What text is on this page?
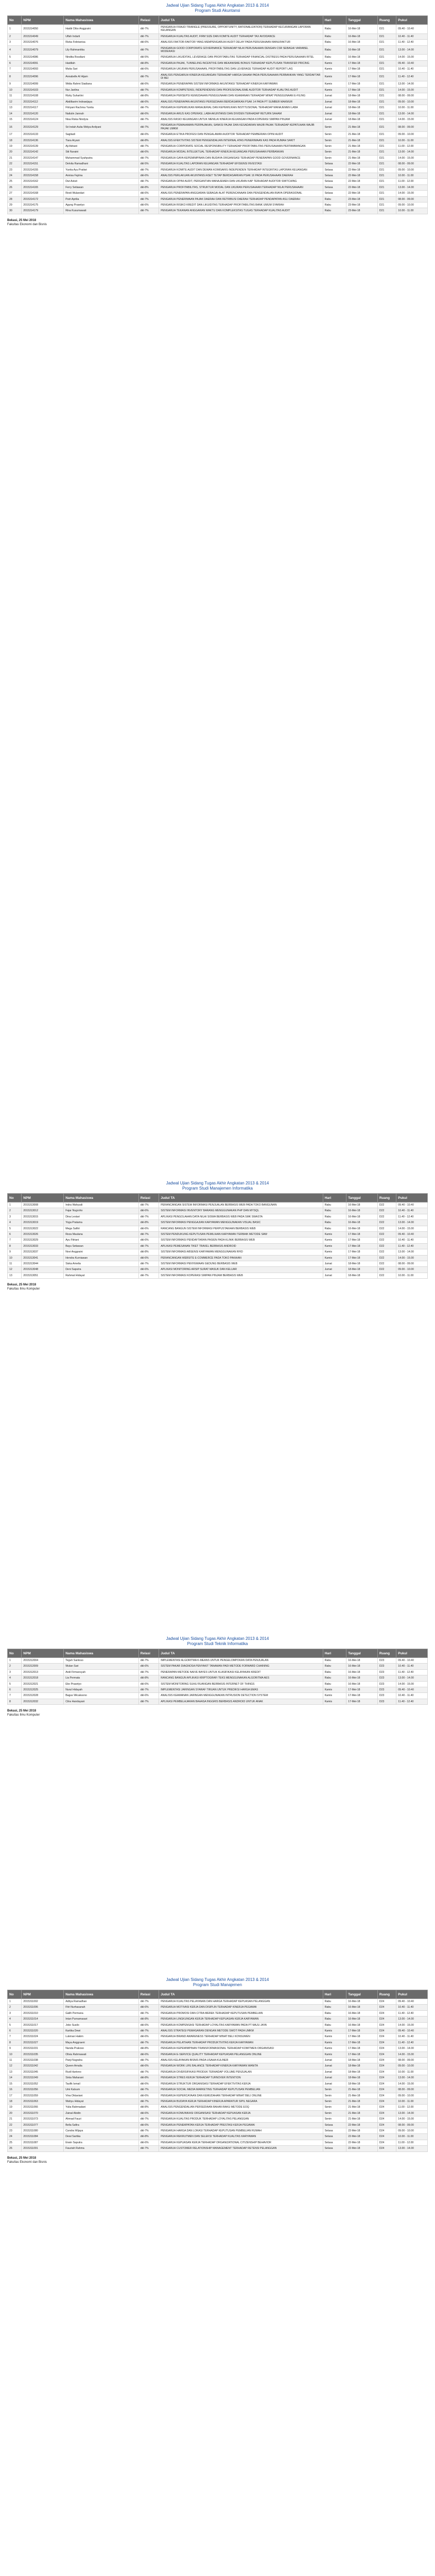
Jadwal Ujian Sidang Tugas Akhir Angkatan 2013 & 2014
Program Studi Akuntansi
No	NPM	Nama Mahasiswa	Relasi	Judul TA	Hari	Tanggal	Ruang	Pukul
1	2015314050	Haidir Dibo Anggraini	dkl-7%	PENGARUH FRAUD TRIANGLE (PRESSURE, OPPORTUNITY, RATIONALIZATION) TERHADAP KECURANGAN LAPORAN KEUANGAN	Rabu	16-Mei-18	D21	09.40 - 10.40
2	2015314049	Ulfah Indarti	dkl-7%	PENGARUH KUALITAS AUDIT, FIRM SIZE DAN KOMITE AUDIT TERHADAP TAX AVOIDANCE	Rabu	16-Mei-18	D21	10.40 - 11.40
3	2015314076	Rizka Febrianisa	dkl-6%	ANALISIS FAKTOR-FAKTOR YANG MEMPENGARUHI AUDIT DELAY PADA PERUSAHAAN MANUFAKTUR	Rabu	16-Mei-18	D21	11.40 - 12.40
4	2015314079	Lily Rahmantika	dkl-7%	PENGARUH GOOD CORPORATE GOVERNANCE TERHADAP NILAI PERUSAHAAN DENGAN CSR SEBAGAI VARIABEL MODERASI	Rabu	16-Mei-18	D21	13.00 - 14.00
5	2015314086	Nindita Rosdiani	dkl-5%	PENGARUH LIKUIDITAS, LEVERAGE DAN PROFITABILITAS TERHADAP FINANCIAL DISTRESS PADA PERUSAHAAN RITEL	Rabu	16-Mei-18	D21	14.00 - 15.00
6	2015314091	Haidilah	dkl-8%	PENGARUH PAJAK, TUNNELING INCENTIVE DAN MEKANISME BONUS TERHADAP KEPUTUSAN TRANSFER PRICING	Kamis	17-Mei-18	D21	09.40 - 10.40
7	2015314093	Mutia Sari	dkl-6%	PENGARUH UKURAN PERUSAHAAN, PROFITABILITAS DAN LEVERAGE TERHADAP AUDIT REPORT LAG	Kamis	17-Mei-18	D21	10.40 - 11.40
8	2015314096	Annabelle Al Hijam	dkl-7%	ANALISIS PENGARUH KINERJA KEUANGAN TERHADAP HARGA SAHAM PADA PERUSAHAAN PERBANKAN YANG TERDAFTAR DI BEI	Kamis	17-Mei-18	D21	11.40 - 12.40
9	2015314099	Widia Rahmi Siadiana	dkl-6%	PENGARUH PENERAPAN SISTEM INFORMASI AKUNTANSI TERHADAP KINERJA KARYAWAN	Kamis	17-Mei-18	D21	13.00 - 14.00
10	2015314103	Nur Janlina	dkl-7%	PENGARUH KOMPETENSI, INDEPENDENSI DAN PROFESIONALISME AUDITOR TERHADAP KUALITAS AUDIT	Kamis	17-Mei-18	D21	14.00 - 15.00
11	2015314108	Rizky Suhartini	dkl-8%	PENGARUH PERSEPSI KEMUDAHAN PENGGUNAAN DAN KEAMANAN TERHADAP MINAT PENGGUNAAN E-FILING	Jumat	18-Mei-18	D21	08.00 - 09.00
12	2015314112	Abdilkarim Indrawijaya	dkl-6%	ANALISIS PENERAPAN AKUNTANSI PERSEDIAAN BERDASARKAN PSAK 14 PADA PT SUMBER MAKMUR	Jumat	18-Mei-18	D21	09.00 - 10.00
13	2015314117	Fitriyani Rachma Yunita	dkl-7%	PENGARUH KEPEMILIKAN MANAJERIAL DAN KEPEMILIKAN INSTITUSIONAL TERHADAP MANAJEMEN LABA	Jumat	18-Mei-18	D21	10.00 - 11.00
14	2015314120	Nailutin Jannah	dkl-6%	PENGARUH ARUS KAS OPERASI, LABA AKUNTANSI DAN DIVIDEN TERHADAP RETURN SAHAM	Jumat	18-Mei-18	D21	13.00 - 14.00
15	2015314124	Nisa Riska Nindyra	dkl-7%	ANALISIS RASIO KEUANGAN UNTUK MENILAI KINERJA KEUANGAN PADA KOPERASI SIMPAN PINJAM	Jumat	18-Mei-18	D21	14.00 - 15.00
16	2015314129	Sri Indah Aulia Widya Ardiyani	dkl-7%	PENGARUH PEMAHAMAN PERPAJAKAN, SANKSI PAJAK DAN KESADARAN WAJIB PAJAK TERHADAP KEPATUHAN WAJIB PAJAK UMKM	Senin	21-Mei-18	D21	08.00 - 09.00
17	2015314133	Sagitadi	dkl-6%	PENGARUH ETIKA PROFESI DAN PENGALAMAN AUDITOR TERHADAP PEMBERIAN OPINI AUDIT	Senin	21-Mei-18	D21	09.00 - 10.00
18	2015314136	Tiara Aryani	dkl-8%	ANALISIS EFEKTIVITAS SISTEM PENGENDALIAN INTERNAL ATAS PENERIMAAN KAS PADA RUMAH SAKIT	Senin	21-Mei-18	D21	10.00 - 11.00
19	2015314139	Aji Adnani	dkl-7%	PENGARUH CORPORATE SOCIAL RESPONSIBILITY TERHADAP PROFITABILITAS PERUSAHAAN PERTAMBANGAN	Senin	21-Mei-18	D21	11.00 - 12.00
20	2015314142	Siti Nuraini	dkl-6%	PENGARUH MODAL INTELEKTUAL TERHADAP KINERJA KEUANGAN PERUSAHAAN PERBANKAN	Senin	21-Mei-18	D21	13.00 - 14.00
21	2015314147	Muhammad Syahputra	dkl-7%	PENGARUH GAYA KEPEMIMPINAN DAN BUDAYA ORGANISASI TERHADAP PENERAPAN GOOD GOVERNANCE	Senin	21-Mei-18	D21	14.00 - 15.00
22	2015314151	Delvita Ramadhani	dkl-5%	PENGARUH KUALITAS LAPORAN KEUANGAN TERHADAP EFISIENSI INVESTASI	Selasa	22-Mei-18	D21	08.00 - 09.00
23	2015314155	Yunita Ayu Pratiwi	dkl-7%	PENGARUH KOMITE AUDIT DAN DEWAN KOMISARIS INDEPENDEN TERHADAP INTEGRITAS LAPORAN KEUANGAN	Selasa	22-Mei-18	D21	09.00 - 10.00
24	2015314158	Annisa Fajrina	dkl-6%	ANALISIS PERLAKUAN AKUNTANSI ASET TETAP BERDASARKAN PSAK 16 PADA PERUSAHAAN DAERAH	Selasa	22-Mei-18	D21	10.00 - 11.00
25	2015314162	Dwi Astuti	dkl-7%	PENGARUH OPINI AUDIT, PERGANTIAN MANAJEMEN DAN UKURAN KAP TERHADAP AUDITOR SWITCHING	Selasa	22-Mei-18	D21	11.00 - 12.00
26	2015314165	Ferry Setiawan	dkl-8%	PENGARUH PROFITABILITAS, STRUKTUR MODAL DAN UKURAN PERUSAHAAN TERHADAP NILAI PERUSAHAAN	Selasa	22-Mei-18	D21	13.00 - 14.00
27	2015314168	Resti Wulandari	dkl-6%	ANALISIS PENERAPAN ANGGARAN SEBAGAI ALAT PERENCANAAN DAN PENGENDALIAN BIAYA OPERASIONAL	Selasa	22-Mei-18	D21	14.00 - 15.00
28	2015314172	Putri Aprilia	dkl-7%	PENGARUH PENERIMAAN PAJAK DAERAH DAN RETRIBUSI DAERAH TERHADAP PENDAPATAN ASLI DAERAH	Rabu	23-Mei-18	D21	08.00 - 09.00
29	2015314175	Agung Prasetyo	dkl-6%	PENGARUH RISIKO KREDIT DAN LIKUIDITAS TERHADAP PROFITABILITAS BANK UMUM SYARIAH	Rabu	23-Mei-18	D21	09.00 - 10.00
30	2015314179	Rina Kusumawati	dkl-7%	PENGARUH TEKANAN ANGGARAN WAKTU DAN KOMPLEKSITAS TUGAS TERHADAP KUALITAS AUDIT	Rabu	23-Mei-18	D21	10.00 - 11.00
Bekasi, 25 Mei 2018
Fakultas Ekonomi dan Bisnis
Jadwal Ujian Sidang Tugas Akhir Angkatan 2013 & 2014
Program Studi Manajemen Informatika
No	NPM	Nama Mahasiswa	Relasi	Judul TA	Hari	Tanggal	Ruang	Pukul
1	2015313008	Indra Wahyudi	dkl-7%	PERANCANGAN SISTEM INFORMASI PENJUALAN BERBASIS WEB PADA TOKO BANGUNAN	Rabu	16-Mei-18	D22	09.40 - 10.40
2	2015313012	Fajar Nugroho	dkl-6%	SISTEM INFORMASI INVENTORY BARANG MENGGUNAKAN PHP DAN MYSQL	Rabu	16-Mei-18	D22	10.40 - 11.40
3	2015313015	Dina Lestari	dkl-7%	APLIKASI PENGOLAHAN DATA NILAI SISWA BERBASIS WEB PADA SMK SWASTA	Rabu	16-Mei-18	D22	11.40 - 12.40
4	2015313019	Yoga Pratama	dkl-8%	SISTEM INFORMASI PENGGAJIAN KARYAWAN MENGGUNAKAN VISUAL BASIC	Rabu	16-Mei-18	D22	13.00 - 14.00
5	2015313022	Mega Safitri	dkl-6%	RANCANG BANGUN SISTEM INFORMASI PERPUSTAKAAN BERBASIS WEB	Rabu	16-Mei-18	D22	14.00 - 15.00
6	2015313026	Reza Maulana	dkl-7%	SISTEM PENDUKUNG KEPUTUSAN PEMILIHAN KARYAWAN TERBAIK METODE SAW	Kamis	17-Mei-18	D22	09.40 - 10.40
7	2015313029	Ayu Fitriani	dkl-6%	SISTEM INFORMASI PENDAFTARAN PASIEN PADA KLINIK BERBASIS WEB	Kamis	17-Mei-18	D22	10.40 - 11.40
8	2015313033	Bayu Setiawan	dkl-7%	APLIKASI PEMESANAN TIKET TRAVEL BERBASIS ANDROID	Kamis	17-Mei-18	D22	11.40 - 12.40
9	2015313037	Novi Anggraini	dkl-8%	SISTEM INFORMASI ABSENSI KARYAWAN MENGGUNAKAN RFID	Kamis	17-Mei-18	D22	13.00 - 14.00
10	2015313041	Hendra Kurniawan	dkl-6%	PERANCANGAN WEBSITE E-COMMERCE PADA TOKO PAKAIAN	Kamis	17-Mei-18	D22	14.00 - 15.00
11	2015313044	Siska Amelia	dkl-7%	SISTEM INFORMASI PENYEWAAN GEDUNG BERBASIS WEB	Jumat	18-Mei-18	D22	08.00 - 09.00
12	2015313048	Deni Saputra	dkl-6%	APLIKASI MONITORING ARSIP SURAT MASUK DAN KELUAR	Jumat	18-Mei-18	D22	09.00 - 10.00
13	2015313051	Rahmat Hidayat	dkl-7%	SISTEM INFORMASI KOPERASI SIMPAN PINJAM BERBASIS WEB	Jumat	18-Mei-18	D22	10.00 - 11.00
Bekasi, 25 Mei 2018
Fakultas Ilmu Komputer
Jadwal Ujian Sidang Tugas Akhir Angkatan 2013 & 2014
Program Studi Teknik Informatika
No	NPM	Nama Mahasiswa	Relasi	Judul TA	Hari	Tanggal	Ruang	Pukul
1	2015312004	Teguh Santoso	dkl-7%	IMPLEMENTASI ALGORITMA K-MEANS UNTUK PENGELOMPOKAN DATA PENJUALAN	Rabu	16-Mei-18	D23	09.40 - 10.40
2	2015312009	Wulan Sari	dkl-6%	SISTEM PAKAR DIAGNOSA PENYAKIT TANAMAN PADI METODE FORWARD CHAINING	Rabu	16-Mei-18	D23	10.40 - 11.40
3	2015312013	Andi Firmansyah	dkl-7%	PENERAPAN METODE NAIVE BAYES UNTUK KLASIFIKASI KELAYAKAN KREDIT	Rabu	16-Mei-18	D23	11.40 - 12.40
4	2015312018	Lia Permata	dkl-8%	RANCANG BANGUN APLIKASI KRIPTOGRAFI TEKS MENGGUNAKAN ALGORITMA AES	Rabu	16-Mei-18	D23	13.00 - 14.00
5	2015312021	Eko Prasetyo	dkl-6%	SISTEM MONITORING SUHU RUANGAN BERBASIS INTERNET OF THINGS	Rabu	16-Mei-18	D23	14.00 - 15.00
6	2015312025	Nurul Hidayah	dkl-7%	IMPLEMENTASI JARINGAN SYARAF TIRUAN UNTUK PREDIKSI HARGA EMAS	Kamis	17-Mei-18	D23	09.40 - 10.40
7	2015312028	Bagus Wicaksono	dkl-6%	ANALISIS KEAMANAN JARINGAN MENGGUNAKAN INTRUSION DETECTION SYSTEM	Kamis	17-Mei-18	D23	10.40 - 11.40
8	2015312032	Citra Handayani	dkl-7%	APLIKASI PEMBELAJARAN BAHASA INGGRIS BERBASIS ANDROID UNTUK ANAK	Kamis	17-Mei-18	D23	11.40 - 12.40
Bekasi, 25 Mei 2018
Fakultas Ilmu Komputer
Jadwal Ujian Sidang Tugas Akhir Angkatan 2013 & 2014
Program Studi Manajemen
No	NPM	Nama Mahasiswa	Relasi	Judul TA	Hari	Tanggal	Ruang	Pukul
1	2015311002	Aditya Ramadhan	dkl-7%	PENGARUH KUALITAS PELAYANAN DAN HARGA TERHADAP KEPUASAN PELANGGAN	Rabu	16-Mei-18	D24	09.40 - 10.40
2	2015311006	Fitri Nurhasanah	dkl-6%	PENGARUH MOTIVASI KERJA DAN DISIPLIN TERHADAP KINERJA PEGAWAI	Rabu	16-Mei-18	D24	10.40 - 11.40
3	2015311010	Galih Permana	dkl-7%	PENGARUH PROMOSI DAN CITRA MEREK TERHADAP KEPUTUSAN PEMBELIAN	Rabu	16-Mei-18	D24	11.40 - 12.40
4	2015311014	Intan Purnamasari	dkl-8%	PENGARUH LINGKUNGAN KERJA TERHADAP KEPUASAN KERJA KARYAWAN	Rabu	16-Mei-18	D24	13.00 - 14.00
5	2015311017	Joko Susilo	dkl-6%	PENGARUH KOMPENSASI TERHADAP LOYALITAS KARYAWAN PADA PT MAJU JAYA	Rabu	16-Mei-18	D24	14.00 - 15.00
6	2015311020	Kartika Dewi	dkl-7%	ANALISIS STRATEGI PEMASARAN DENGAN METODE SWOT PADA UMKM	Kamis	17-Mei-18	D24	09.40 - 10.40
7	2015311024	Lukman Hakim	dkl-6%	PENGARUH BRAND AWARENESS TERHADAP MINAT BELI KONSUMEN	Kamis	17-Mei-18	D24	10.40 - 11.40
8	2015311027	Maya Anggraeni	dkl-7%	PENGARUH PELATIHAN TERHADAP PRODUKTIVITAS KERJA KARYAWAN	Kamis	17-Mei-18	D24	11.40 - 12.40
9	2015311031	Nanda Prakoso	dkl-8%	PENGARUH KEPEMIMPINAN TRANSFORMASIONAL TERHADAP KOMITMEN ORGANISASI	Kamis	17-Mei-18	D24	13.00 - 14.00
10	2015311035	Olivia Rahmawati	dkl-6%	PENGARUH E-SERVICE QUALITY TERHADAP KEPUASAN PELANGGAN ONLINE	Kamis	17-Mei-18	D24	14.00 - 15.00
11	2015311038	Panji Nugraha	dkl-7%	ANALISIS KELAYAKAN BISNIS PADA USAHA KULINER	Jumat	18-Mei-18	D24	08.00 - 09.00
12	2015311042	Queen Amalia	dkl-6%	PENGARUH WORK LIFE BALANCE TERHADAP KINERJA KARYAWAN WANITA	Jumat	18-Mei-18	D24	09.00 - 10.00
13	2015311045	Rudi Hartono	dkl-7%	PENGARUH DIVERSIFIKASI PRODUK TERHADAP VOLUME PENJUALAN	Jumat	18-Mei-18	D24	10.00 - 11.00
14	2015311049	Sinta Maharani	dkl-8%	PENGARUH STRES KERJA TERHADAP TURNOVER INTENTION	Jumat	18-Mei-18	D24	13.00 - 14.00
15	2015311052	Taufik Ismail	dkl-6%	PENGARUH STRUKTUR ORGANISASI TERHADAP EFEKTIVITAS KERJA	Jumat	18-Mei-18	D24	14.00 - 15.00
16	2015311056	Umi Kalsum	dkl-7%	PENGARUH SOCIAL MEDIA MARKETING TERHADAP KEPUTUSAN PEMBELIAN	Senin	21-Mei-18	D24	08.00 - 09.00
17	2015311059	Vina Oktaviani	dkl-6%	PENGARUH KEPERCAYAAN DAN KEMUDAHAN TERHADAP MINAT BELI ONLINE	Senin	21-Mei-18	D24	09.00 - 10.00
18	2015311063	Wahyu Hidayat	dkl-7%	PENGARUH BUDAYA KERJA TERHADAP KINERJA APARATUR SIPIL NEGARA	Senin	21-Mei-18	D24	10.00 - 11.00
19	2015311066	Yulia Rahmadani	dkl-8%	ANALISIS PENGENDALIAN PERSEDIAAN BAHAN BAKU METODE EOQ	Senin	21-Mei-18	D24	11.00 - 12.00
20	2015311070	Zainal Abidin	dkl-6%	PENGARUH KOMUNIKASI ORGANISASI TERHADAP KEPUASAN KERJA	Senin	21-Mei-18	D24	13.00 - 14.00
21	2015311073	Ahmad Fauzi	dkl-7%	PENGARUH KUALITAS PRODUK TERHADAP LOYALITAS PELANGGAN	Senin	21-Mei-18	D24	14.00 - 15.00
22	2015311077	Bella Safira	dkl-6%	PENGARUH PENEMPATAN KERJA TERHADAP PRESTASI KERJA PEGAWAI	Selasa	22-Mei-18	D24	08.00 - 09.00
23	2015311080	Candra Wijaya	dkl-7%	PENGARUH HARGA DAN LOKASI TERHADAP KEPUTUSAN PEMBELIAN RUMAH	Selasa	22-Mei-18	D24	09.00 - 10.00
24	2015311084	Dewi Sartika	dkl-8%	PENGARUH REKRUTMEN DAN SELEKSI TERHADAP KUALITAS KARYAWAN	Selasa	22-Mei-18	D24	10.00 - 11.00
25	2015311087	Erwin Saputra	dkl-6%	PENGARUH KEPUASAN KERJA TERHADAP ORGANIZATIONAL CITIZENSHIP BEHAVIOR	Selasa	22-Mei-18	D24	11.00 - 12.00
26	2015311091	Fauziah Rahma	dkl-7%	PENGARUH CUSTOMER RELATIONSHIP MANAGEMENT TERHADAP RETENSI PELANGGAN	Selasa	22-Mei-18	D24	13.00 - 14.00
Bekasi, 25 Mei 2018
Fakultas Ekonomi dan Bisnis
